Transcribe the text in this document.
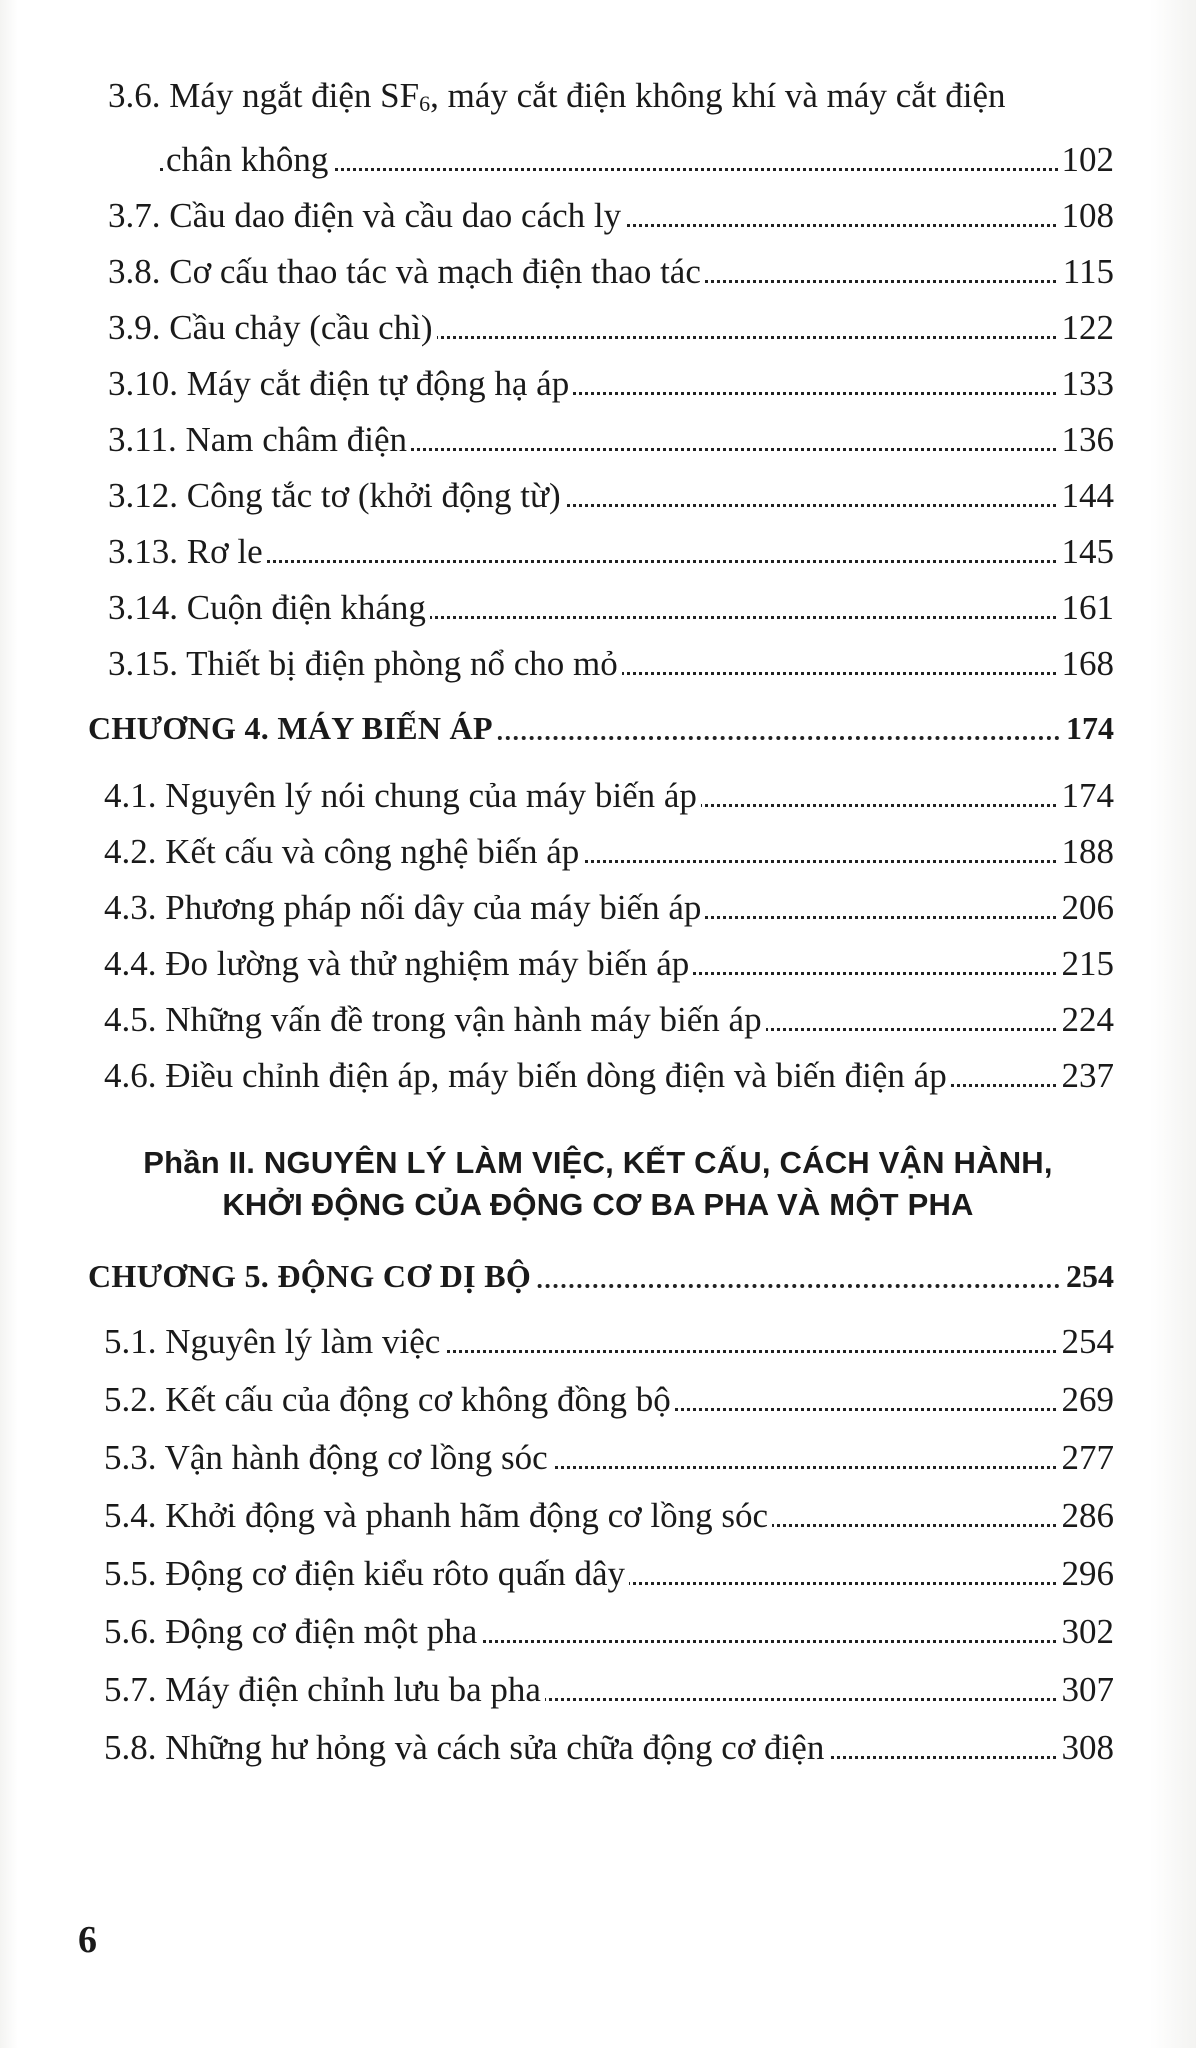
3.6. Máy ngắt điện $SF_6$, máy cắt điện không khí và máy cắt điện
chân không	102
3.7. Cầu dao điện và cầu dao cách ly	108
3.8. Cơ cấu thao tác và mạch điện thao tác	115
3.9. Cầu chảy (cầu chì)	122
3.10. Máy cắt điện tự động hạ áp	133
3.11. Nam châm điện	136
3.12. Công tắc tơ (khởi động từ)	144
3.13. Rơ le	145
3.14. Cuộn điện kháng	161
3.15. Thiết bị điện phòng nổ cho mỏ	168
CHƯƠNG 4. MÁY BIẾN ÁP	174
4.1. Nguyên lý nói chung của máy biến áp	174
4.2. Kết cấu và công nghệ biến áp	188
4.3. Phương pháp nối dây của máy biến áp	206
4.4. Đo lường và thử nghiệm máy biến áp	215
4.5. Những vấn đề trong vận hành máy biến áp	224
4.6. Điều chỉnh điện áp, máy biến dòng điện và biến điện áp	237
Phần II. NGUYÊN LÝ LÀM VIỆC, KẾT CẤU, CÁCH VẬN HÀNH,
KHỞI ĐỘNG CỦA ĐỘNG CƠ BA PHA VÀ MỘT PHA
CHƯƠNG 5. ĐỘNG CƠ DỊ BỘ	254
5.1. Nguyên lý làm việc	254
5.2. Kết cấu của động cơ không đồng bộ	269
5.3. Vận hành động cơ lồng sóc	277
5.4. Khởi động và phanh hãm động cơ lồng sóc	286
5.5. Động cơ điện kiểu rôto quấn dây	296
5.6. Động cơ điện một pha	302
5.7. Máy điện chỉnh lưu ba pha	307
5.8. Những hư hỏng và cách sửa chữa động cơ điện	308
6
